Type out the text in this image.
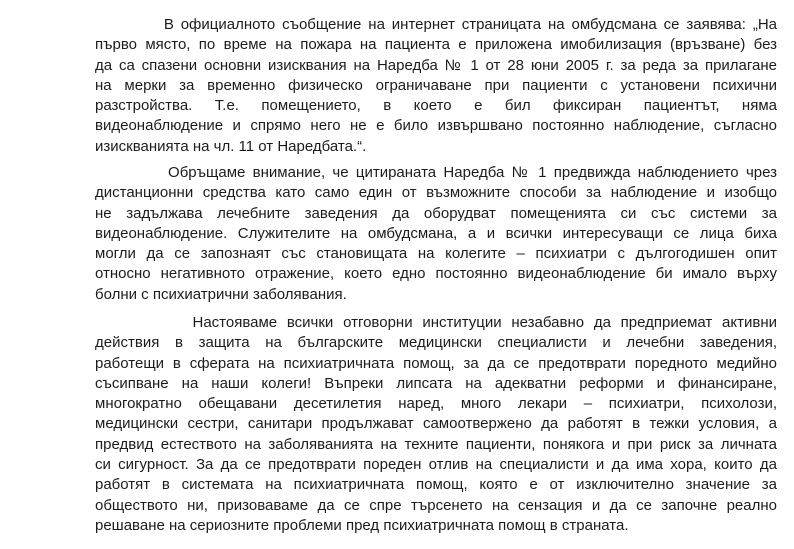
В официалното съобщение на интернет страницата на омбудсмана се заявява: „На
първо място, по време на пожара на пациента е приложена имобилизация (връзване) без
да са спазени основни изисквания на Наредба № 1 от 28 юни 2005 г. за реда за прилагане
на мерки за временно физическо ограничаване при пациенти с установени психични
разстройства.  Т.е.  помещението,  в  което  е  бил  фиксиран  пациентът,  няма
видеонаблюдение и спрямо него не е било извършвано постоянно наблюдение, съгласно
изискванията на чл. 11 от Наредбата.“.
Обръщаме внимание, че цитираната Наредба № 1 предвижда наблюдението чрез
дистанционни средства като само един от възможните способи за наблюдение и изобщо
не задължава лечебните заведения да оборудват помещенията си със системи за
видеонаблюдение. Служителите на омбудсмана, а и всички интересуващи се лица биха
могли да се запознаят със становищата на колегите – психиатри с дългогодишен опит
относно негативното отражение, което едно постоянно видеонаблюдение би имало върху
болни с психиатрични заболявания.
Настояваме всички отговорни институции незабавно да предприемат активни
действия в защита на българските медицински специалисти и лечебни заведения,
работещи в сферата на психиатричната помощ, за да се предотврати поредното медийно
съсипване на наши колеги! Въпреки липсата на адекватни реформи и финансиране,
многократно обещавани десетилетия наред, много лекари – психиатри, психолози,
медицински сестри, санитари продължават самоотвержено да работят в тежки условия, а
предвид естеството на заболяванията на техните пациенти, понякога и при риск за личната
си сигурност. За да се предотврати пореден отлив на специалисти и да има хора, които да
работят в системата на психиатричната помощ, която е от изключително значение за
обществото ни, призоваваме да се спре търсенето на сензация и да се започне реално
решаване на сериозните проблеми пред психиатричната помощ в страната.
